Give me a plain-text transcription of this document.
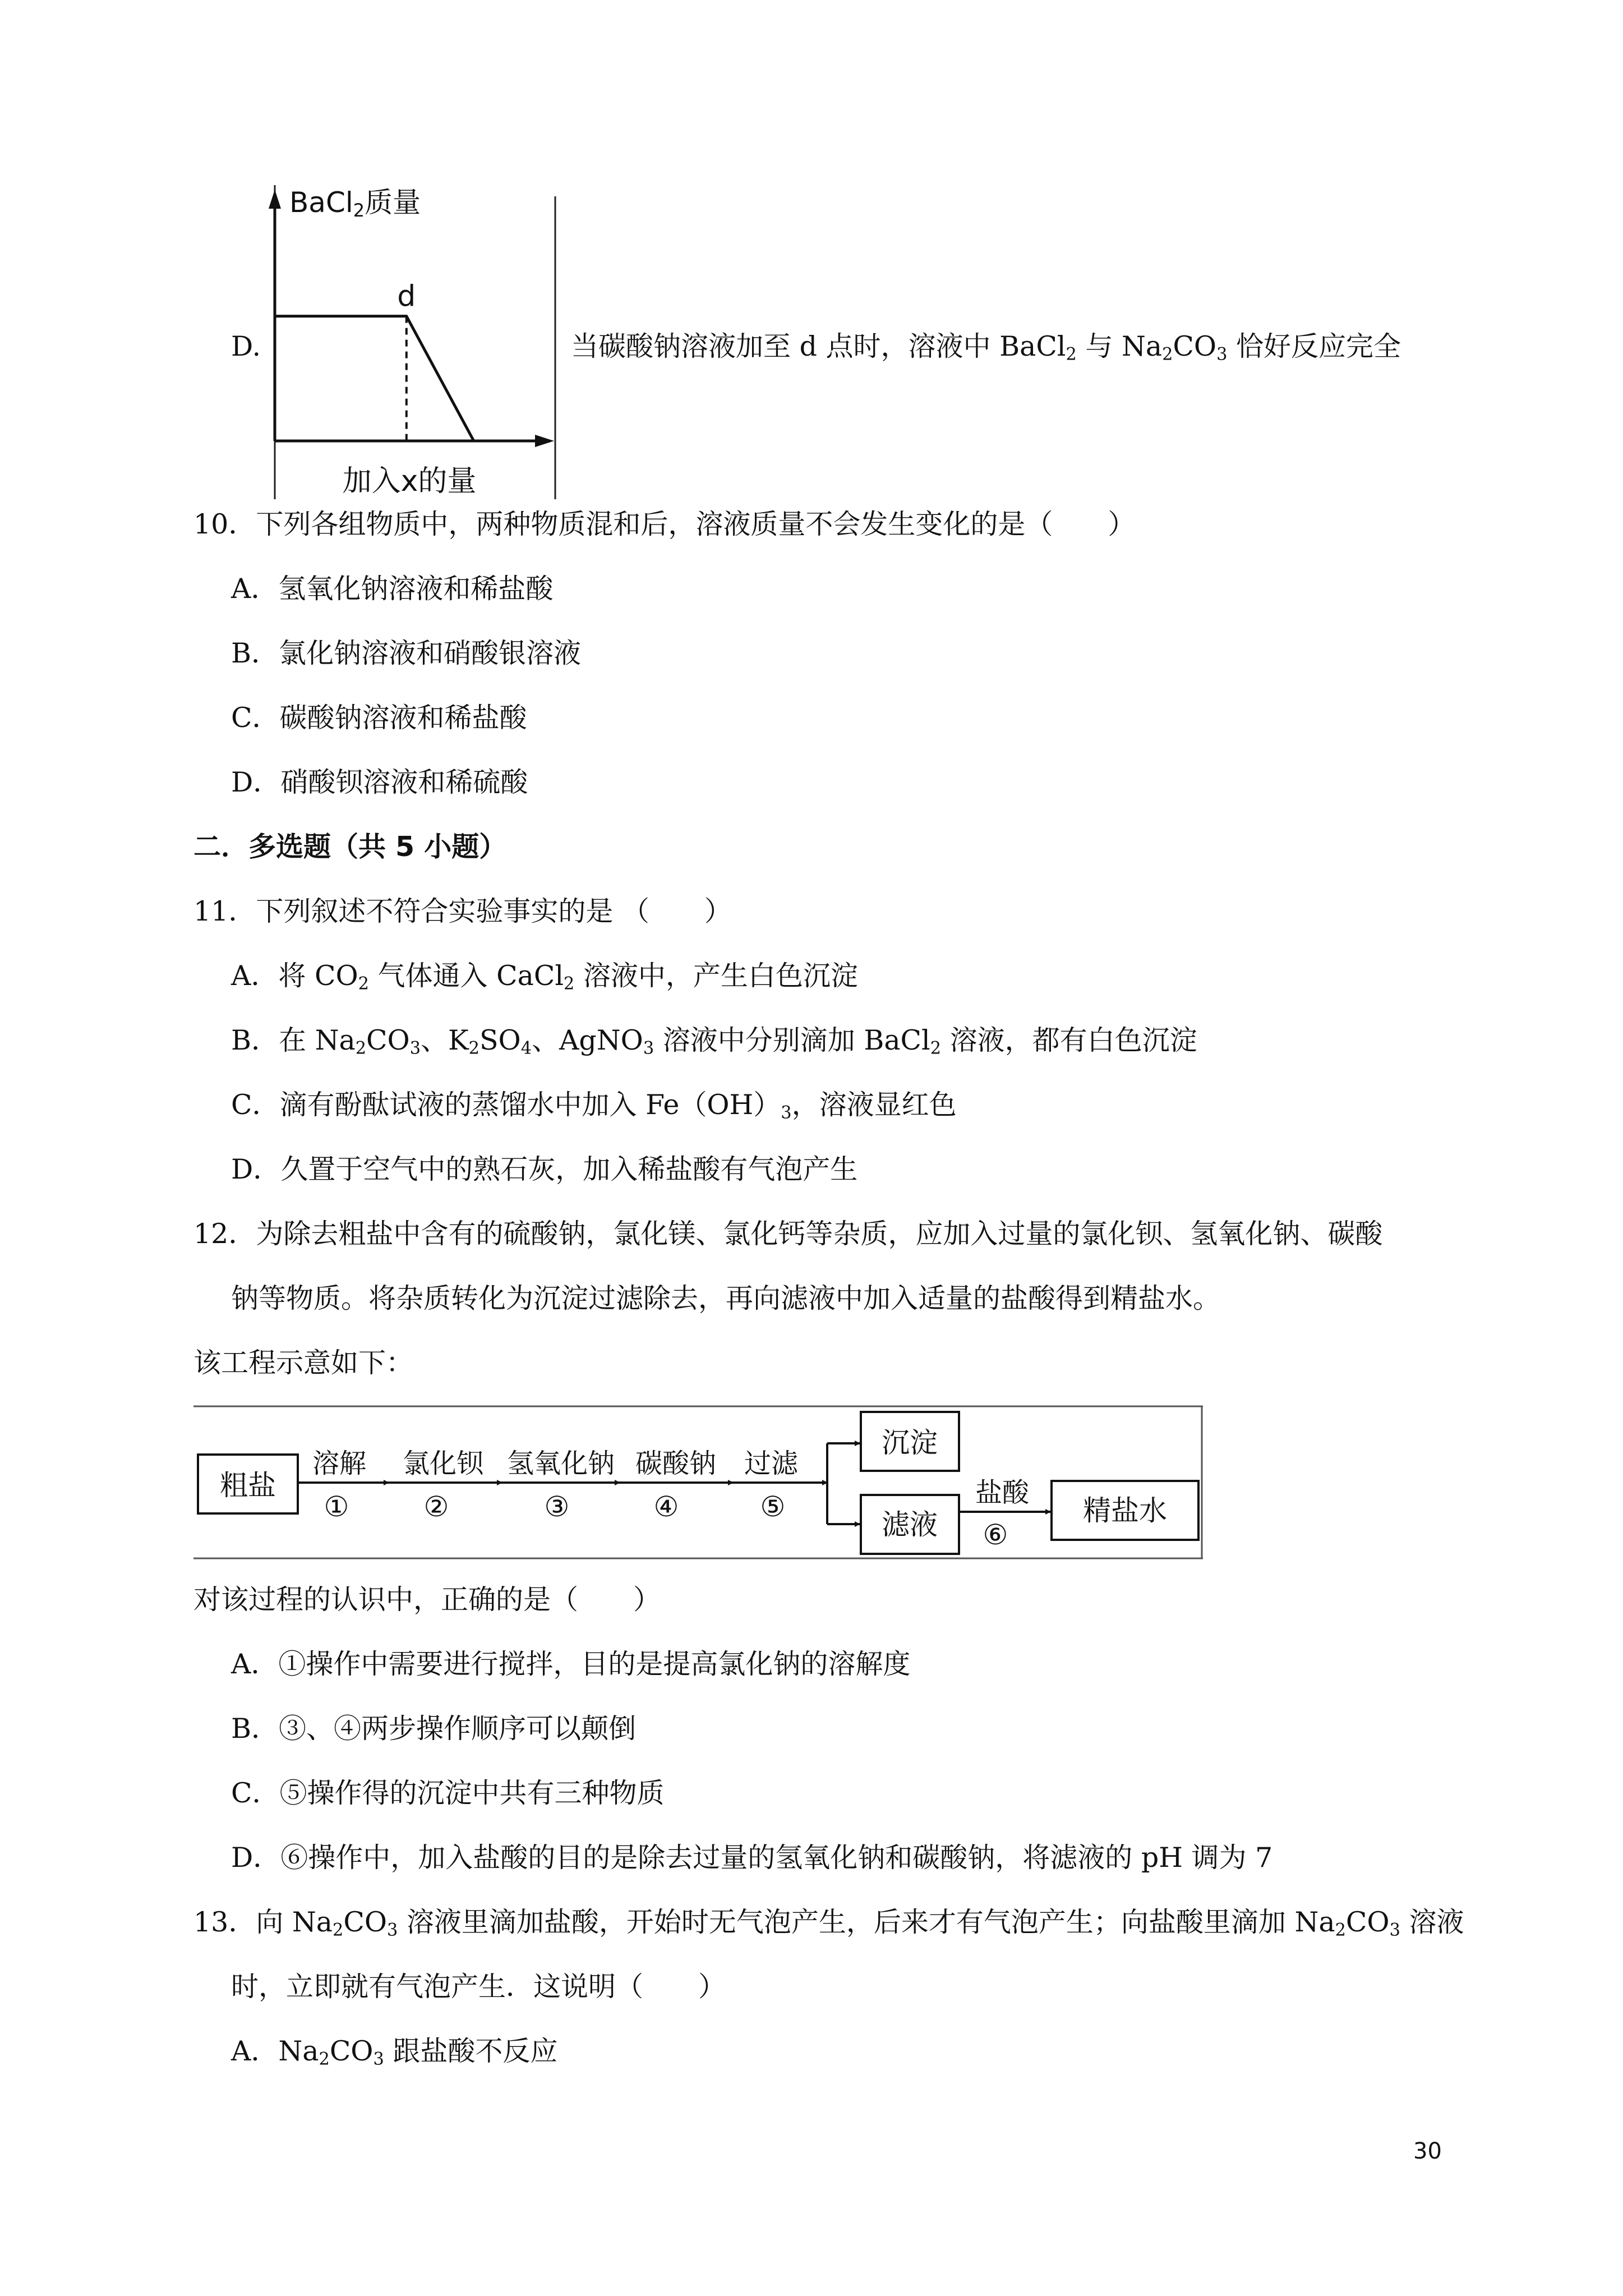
D.
BaCl2质量
d
加入x的量
当碳酸钠溶液加至 d 点时，溶液中 BaCl$_2$ 与 $Na_2CO_3$ 恰好反应完全
10．下列各组物质中，两种物质混和后，溶液质量不会发生变化的是（　　）
A．氢氧化钠溶液和稀盐酸
B．氯化钠溶液和硝酸银溶液
C．碳酸钠溶液和稀盐酸
D．硝酸钡溶液和稀硫酸
二．多选题（共 5 小题）
11．下列叙述不符合实验事实的是 （　　）
A．将 $CO_2$ 气体通入 CaCl$_2$ 溶液中，产生白色沉淀
B．在 $Na_2CO_3$、$K_2SO_4$、AgNO$_3$ 溶液中分别滴加 BaCl$_2$ 溶液，都有白色沉淀
C．滴有酚酞试液的蒸馏水中加入 $Fe(OH)_3$，溶液显红色
D．久置于空气中的熟石灰，加入稀盐酸有气泡产生
12．为除去粗盐中含有的硫酸钠，氯化镁、氯化钙等杂质，应加入过量的氯化钡、氢氧化钠、碳酸
钠等物质。将杂质转化为沉淀过滤除去，再向滤液中加入适量的盐酸得到精盐水。
该工程示意如下：
粗盐
溶解
①
氯化钡
②
氢氧化钠
③
碳酸钠
④
过滤
⑤
沉淀
滤液
盐酸
⑥
精盐水
对该过程的认识中，正确的是（　　）
A．①操作中需要进行搅拌，目的是提高氯化钠的溶解度
B．③、④两步操作顺序可以颠倒
C．⑤操作得的沉淀中共有三种物质
D．⑥操作中，加入盐酸的目的是除去过量的氢氧化钠和碳酸钠，将滤液的 pH 调为 7
13．向 $Na_2CO_3$ 溶液里滴加盐酸，开始时无气泡产生，后来才有气泡产生；向盐酸里滴加 $Na_2CO_3$ 溶液
时，立即就有气泡产生．这说明（　　）
A．$Na_2CO_3$ 跟盐酸不反应
30
